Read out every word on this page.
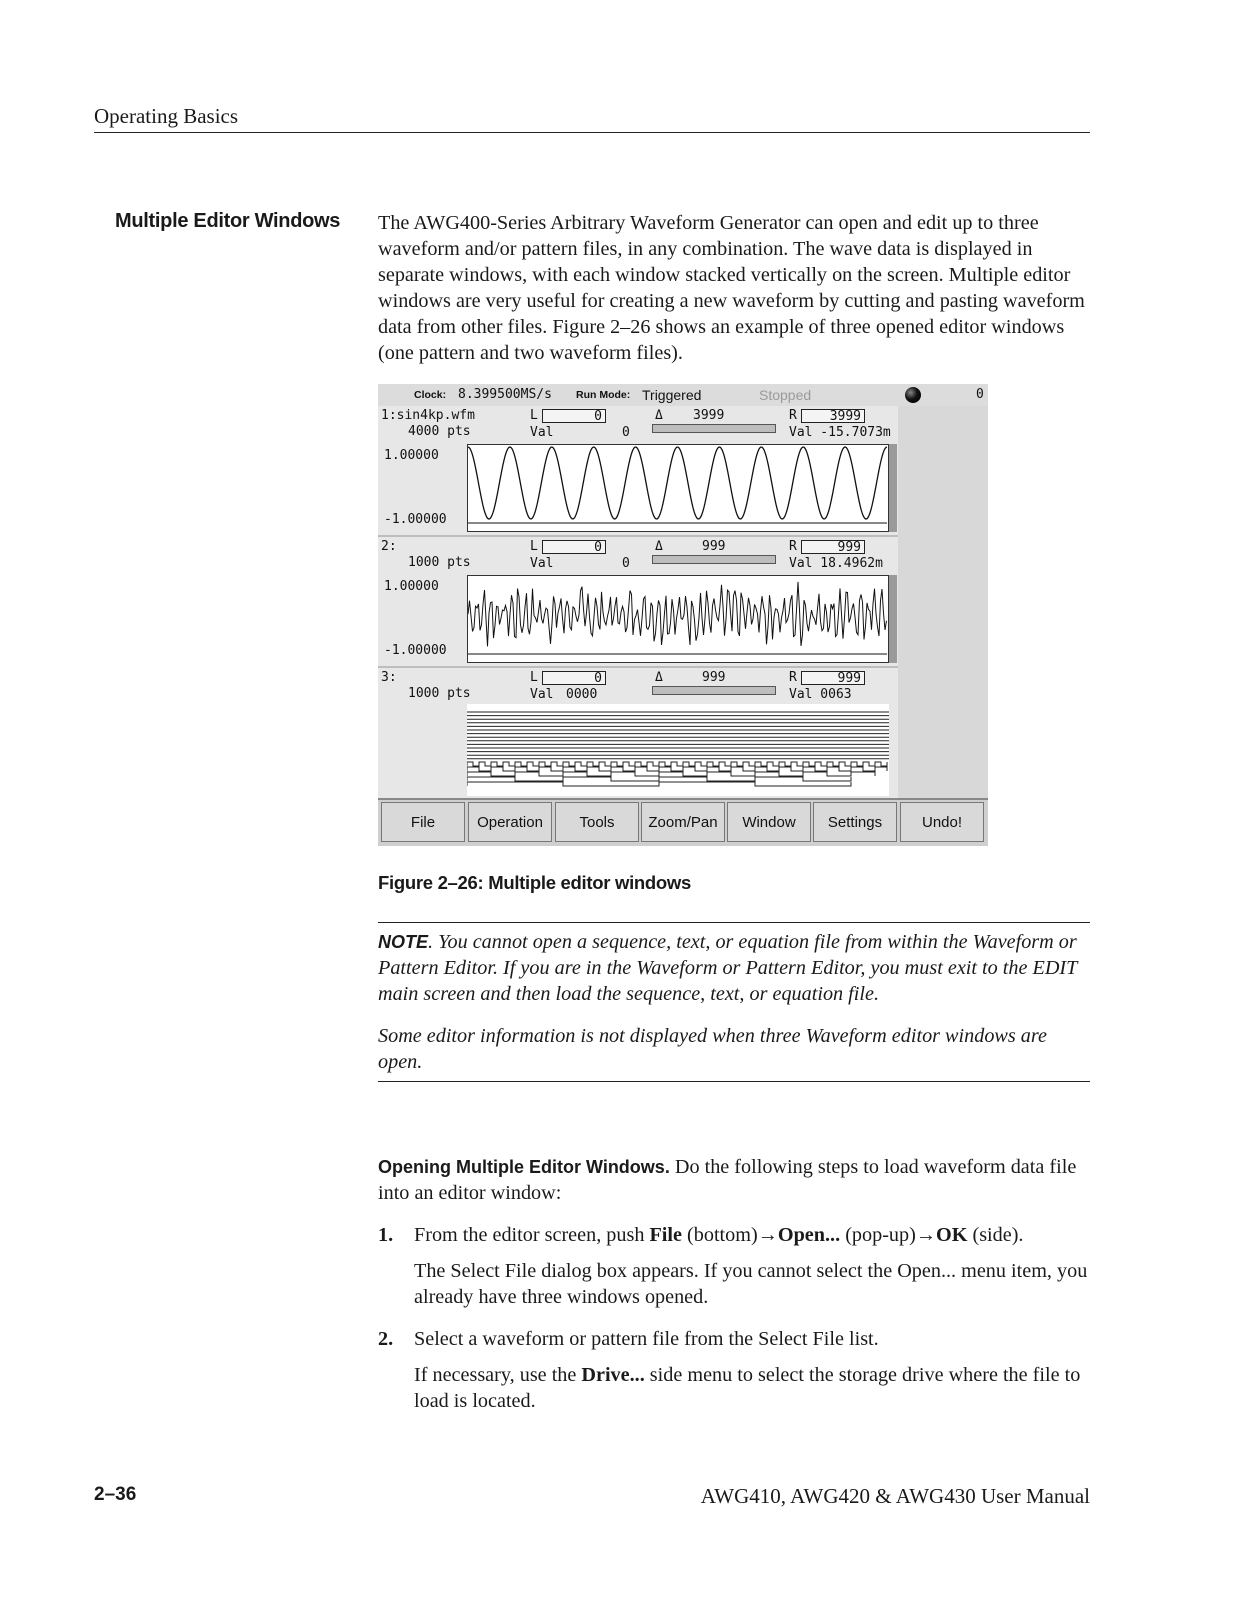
Operating Basics
Multiple Editor Windows The AWG400-Series Arbitrary Waveform Generator can open and edit up to three waveform and/or pattern files, in any combination. The wave data is displayed in separate windows, with each window stacked vertically on the screen. Multiple editor windows are very useful for creating a new waveform by cutting and pasting waveform data from other files. Figure 2–26 shows an example of three opened editor windows (one pattern and two waveform files).

Clock: 8.399500MS/s Run Mode: Triggered	Stopped	0
1:sin4kp.wfm
4000 pts
L	0
Val	0
Δ 3999	R	3999
Val -15.7073m
1.00000
-1.00000
2:
1000 pts
L	0
Val	0
Δ	999	R	999
Val 18.4962m
1.00000
-1.00000
3:
1000 pts
L	0
Val 0000
Δ	999	R	999
Val 0063
File	Operation	Tools	Zoom/Pan	Window	Settings	Undo!
Figure 2–26: Multiple editor windows

NOTE. You cannot open a sequence, text, or equation file from within the Waveform or Pattern Editor. If you are in the Waveform or Pattern Editor, you must exit to the EDIT main screen and then load the sequence, text, or equation file.

Some editor information is not displayed when three Waveform editor windows are open.

Opening Multiple Editor Windows. Do the following steps to load waveform data file into an editor window:

1. From the editor screen, push File (bottom)→Open... (pop-up)→OK (side).

The Select File dialog box appears. If you cannot select the Open... menu item, you already have three windows opened.

2. Select a waveform or pattern file from the Select File list.

If necessary, use the Drive... side menu to select the storage drive where the file to load is located.

2–36	AWG410, AWG420 & AWG430 User Manual
